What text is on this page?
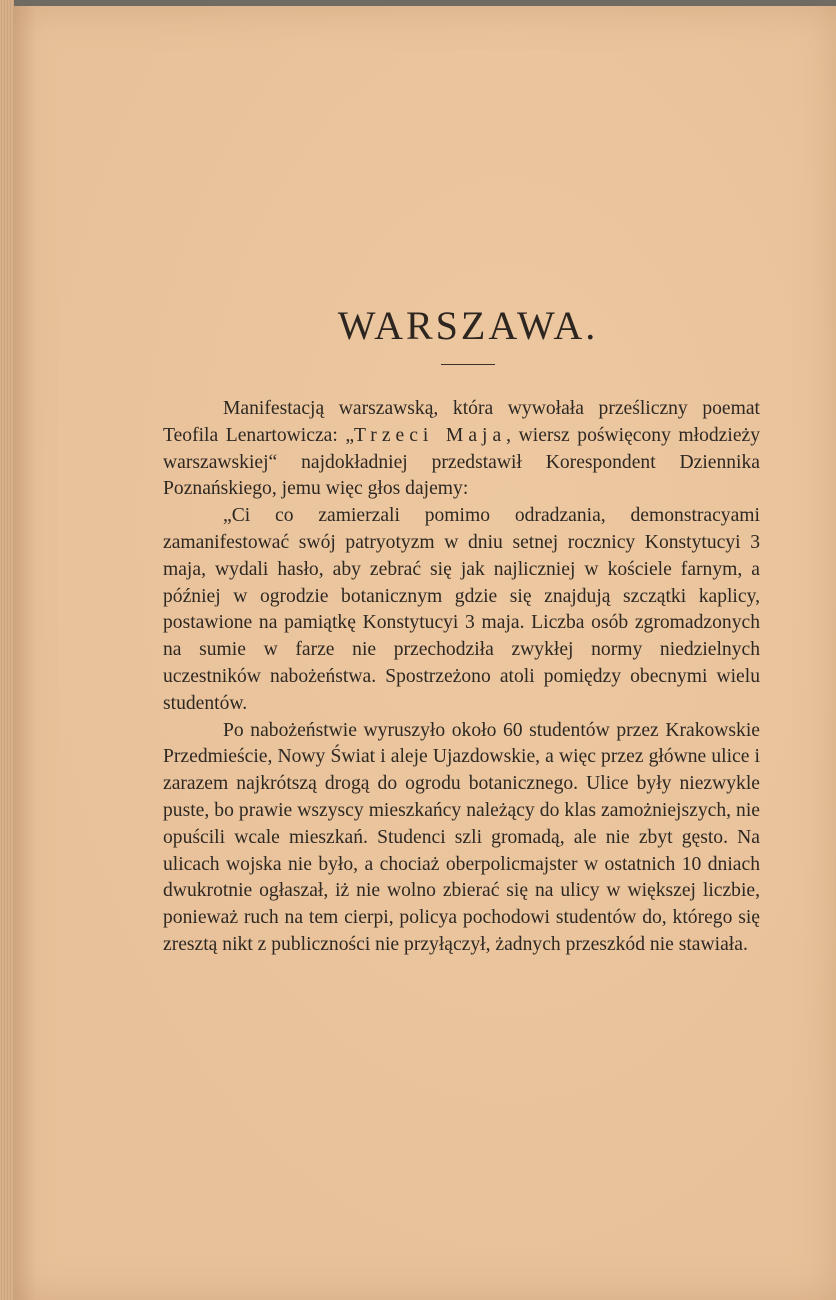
WARSZAWA.

Manifestacją warszawską, która wywołała prześliczny poemat Teofila Lenartowicza: „Trzeci Maja, wiersz poświęcony młodzieży warszawskiej“ najdokładniej przedstawił Korespondent Dziennika Poznańskiego, jemu więc głos dajemy:

„Ci co zamierzali pomimo odradzania, demonstracyami zamanifestować swój patryotyzm w dniu setnej rocznicy Konstytucyi 3 maja, wydali hasło, aby zebrać się jak najliczniej w kościele farnym, a później w ogrodzie botanicznym gdzie się znajdują szczątki kaplicy, postawione na pamiątkę Konstytucyi 3 maja. Liczba osób zgromadzonych na sumie w farze nie przechodziła zwykłej normy niedzielnych uczestników nabożeństwa. Spostrzeżono atoli pomiędzy obecnymi wielu studentów.

Po nabożeństwie wyruszyło około 60 studentów przez Krakowskie Przedmieście, Nowy Świat i aleje Ujazdowskie, a więc przez główne ulice i zarazem najkrótszą drogą do ogrodu botanicznego. Ulice były niezwykle puste, bo prawie wszyscy mieszkańcy należący do klas zamożniejszych, nie opuścili wcale mieszkań. Studenci szli gromadą, ale nie zbyt gęsto. Na ulicach wojska nie było, a chociaż oberpolicmajster w ostatnich 10 dniach dwukrotnie ogłaszał, iż nie wolno zbierać się na ulicy w większej liczbie, ponieważ ruch na tem cierpi, policya pochodowi studentów do, którego się zresztą nikt z publiczności nie przyłączył, żadnych przeszkód nie stawiała.
